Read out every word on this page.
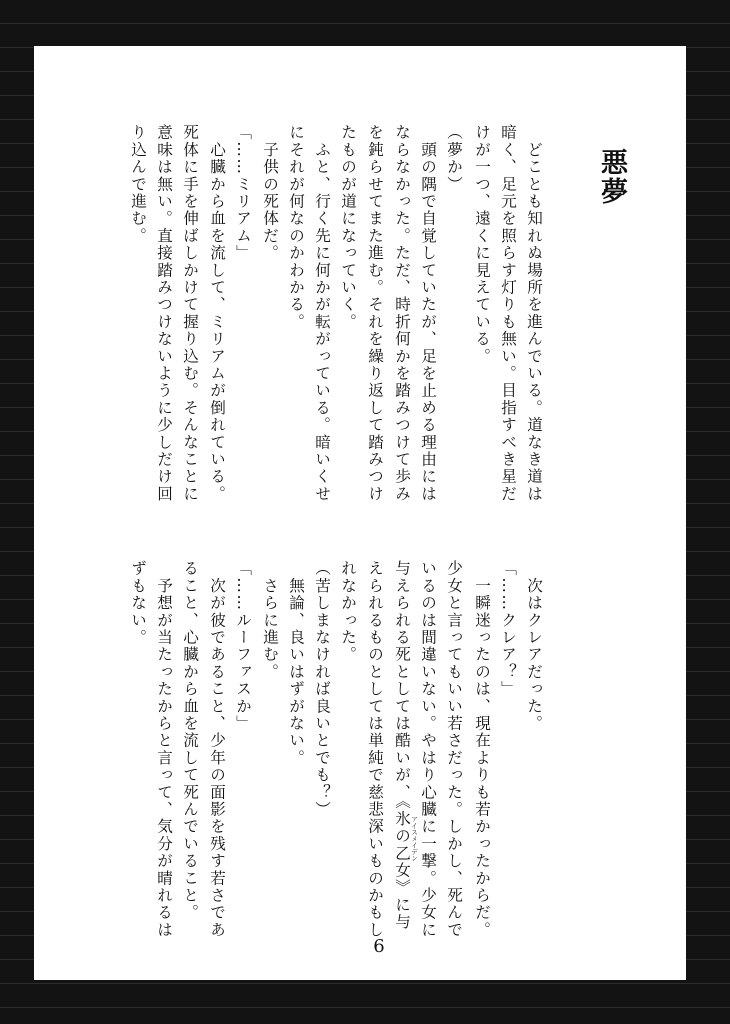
悪夢
　どことも知れぬ場所を進んでいる。道なき道は
暗く、足元を照らす灯りも無い。目指すべき星だ
けが一つ、遠くに見えている。
（夢か）
　頭の隅で自覚していたが、足を止める理由には
ならなかった。ただ、時折何かを踏みつけて歩み
を鈍らせてまた進む。それを繰り返して踏みつけ
たものが道になっていく。
　ふと、行く先に何かが転がっている。暗いくせ
にそれが何なのかわかる。
　子供の死体だ。
「……ミリアム」
　心臓から血を流して、ミリアムが倒れている。
死体に手を伸ばしかけて握り込む。そんなことに
意味は無い。直接踏みつけないように少しだけ回
り込んで進む。
　次はクレアだった。
「……クレア？」
　一瞬迷ったのは、現在よりも若かったからだ。
少女と言ってもいい若さだった。しかし、死んで
いるのは間違いない。やはり心臓に一撃。少女に
与えられる死としては酷いが、《氷の乙女》に与
えられるものとしては単純で慈悲深いものかもし
れなかった。
（苦しまなければ良いとでも？）
　無論、良いはずがない。
　さらに進む。
「……ルーファスか」
　次が彼であること、少年の面影を残す若さであ
ること、心臓から血を流して死んでいること。
　予想が当たったからと言って、気分が晴れるは
ずもない。
アイスメイデン
6
